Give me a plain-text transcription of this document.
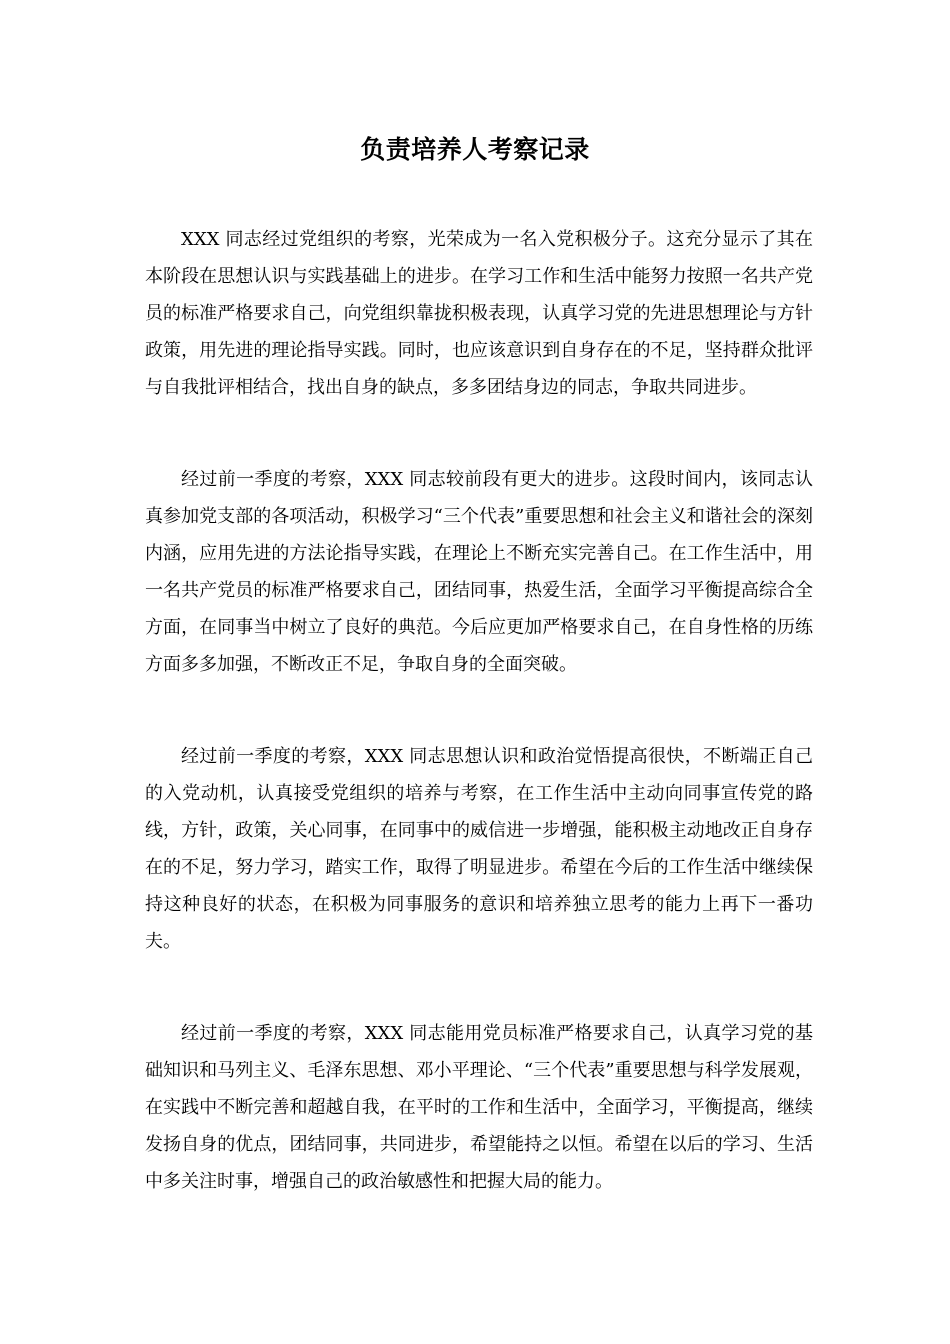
负责培养人考察记录

XXX 同志经过党组织的考察，光荣成为一名入党积极分子。这充分显示了其在本阶段在思想认识与实践基础上的进步。在学习工作和生活中能努力按照一名共产党员的标准严格要求自己，向党组织靠拢积极表现，认真学习党的先进思想理论与方针政策，用先进的理论指导实践。同时，也应该意识到自身存在的不足，坚持群众批评与自我批评相结合，找出自身的缺点，多多团结身边的同志，争取共同进步。

经过前一季度的考察，XXX 同志较前段有更大的进步。这段时间内，该同志认真参加党支部的各项活动，积极学习“三个代表”重要思想和社会主义和谐社会的深刻内涵，应用先进的方法论指导实践，在理论上不断充实完善自己。在工作生活中，用一名共产党员的标准严格要求自己，团结同事，热爱生活，全面学习平衡提高综合全方面，在同事当中树立了良好的典范。今后应更加严格要求自己，在自身性格的历练方面多多加强，不断改正不足，争取自身的全面突破。

经过前一季度的考察，XXX 同志思想认识和政治觉悟提高很快，不断端正自己的入党动机，认真接受党组织的培养与考察，在工作生活中主动向同事宣传党的路线，方针，政策，关心同事，在同事中的威信进一步增强，能积极主动地改正自身存在的不足，努力学习，踏实工作，取得了明显进步。希望在今后的工作生活中继续保持这种良好的状态，在积极为同事服务的意识和培养独立思考的能力上再下一番功夫。

经过前一季度的考察，XXX 同志能用党员标准严格要求自己，认真学习党的基础知识和马列主义、毛泽东思想、邓小平理论、“三个代表”重要思想与科学发展观，在实践中不断完善和超越自我，在平时的工作和生活中，全面学习，平衡提高，继续发扬自身的优点，团结同事，共同进步，希望能持之以恒。希望在以后的学习、生活中多关注时事，增强自己的政治敏感性和把握大局的能力。
